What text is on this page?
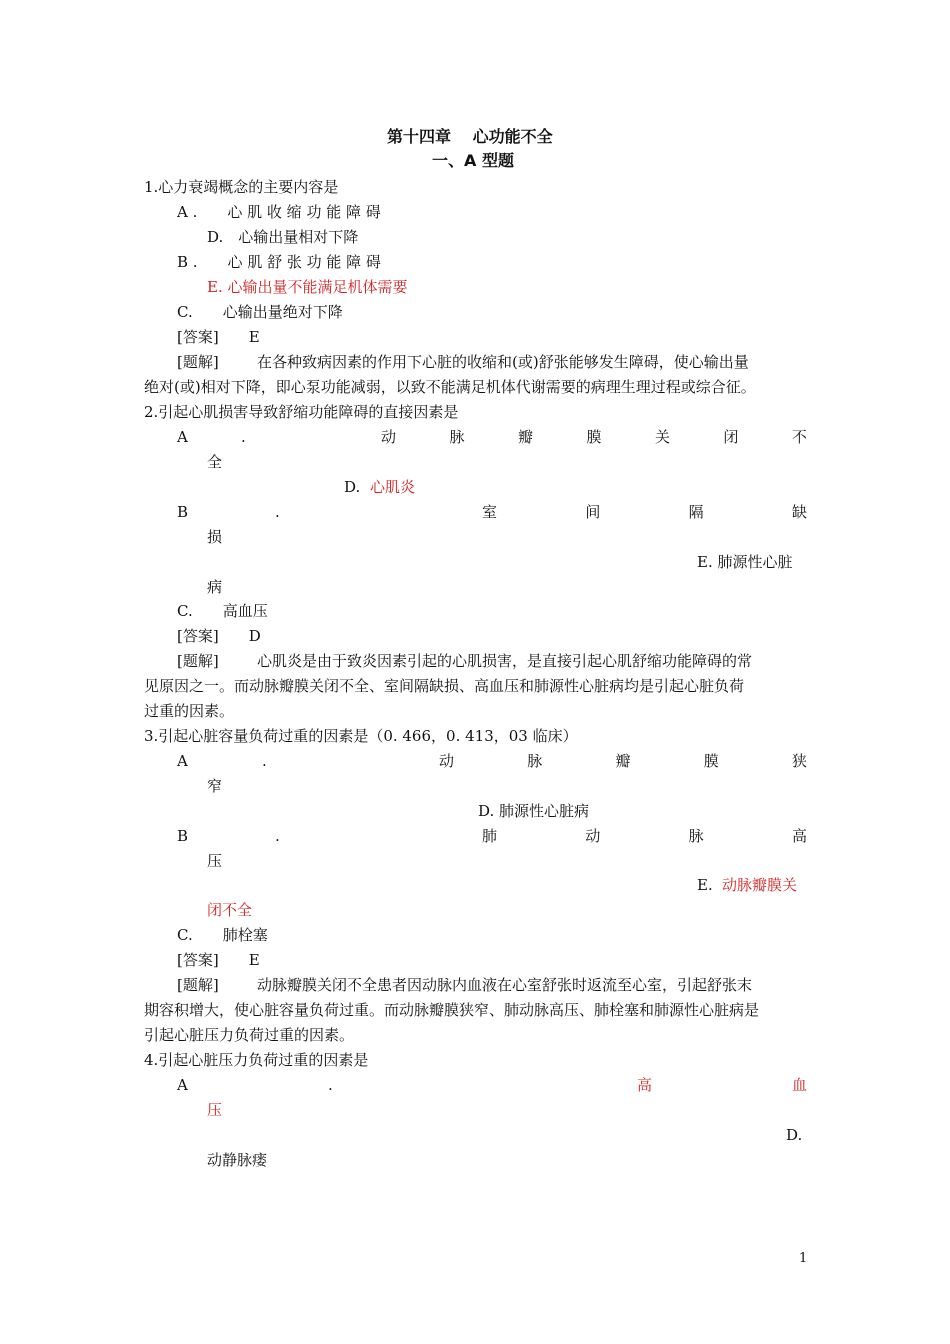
第十四章　 心功能不全
一、A 型题
1.心力衰竭概念的主要内容是
A .　　心 肌 收 缩 功 能 障 碍
D.　心输出量相对下降
B .　　心 肌 舒 张 功 能 障 碍
E. 心输出量不能满足机体需要
C.　　心输出量绝对下降
[答案]　　E
[题解]	在各种致病因素的作用下心脏的收缩和(或)舒张能够发生障碍，使心输出量
绝对(或)相对下降，即心泵功能减弱，以致不能满足机体代谢需要的病理生理过程或综合征。
2.引起心肌损害导致舒缩功能障碍的直接因素是
A	.	动	脉	瓣	膜	关	闭	不
全
D. 心肌炎
B	.	室	间	隔	缺
损
E. 肺源性心脏
病
C.　　高血压
[答案]　　D
[题解]	心肌炎是由于致炎因素引起的心肌损害，是直接引起心肌舒缩功能障碍的常
见原因之一。而动脉瓣膜关闭不全、室间隔缺损、高血压和肺源性心脏病均是引起心脏负荷
过重的因素。
3.引起心脏容量负荷过重的因素是（0. 466，0. 413，03 临床）
A	.	动	脉	瓣	膜	狭
窄
D. 肺源性心脏病
B	.	肺	动	脉	高
压
E. 动脉瓣膜关
闭不全
C.　　肺栓塞
[答案]　　E
[题解]	动脉瓣膜关闭不全患者因动脉内血液在心室舒张时返流至心室，引起舒张末
期容积增大，使心脏容量负荷过重。而动脉瓣膜狭窄、肺动脉高压、肺栓塞和肺源性心脏病是
引起心脏压力负荷过重的因素。
4.引起心脏压力负荷过重的因素是
A	.	高	血
压
D.
动静脉瘘
1
